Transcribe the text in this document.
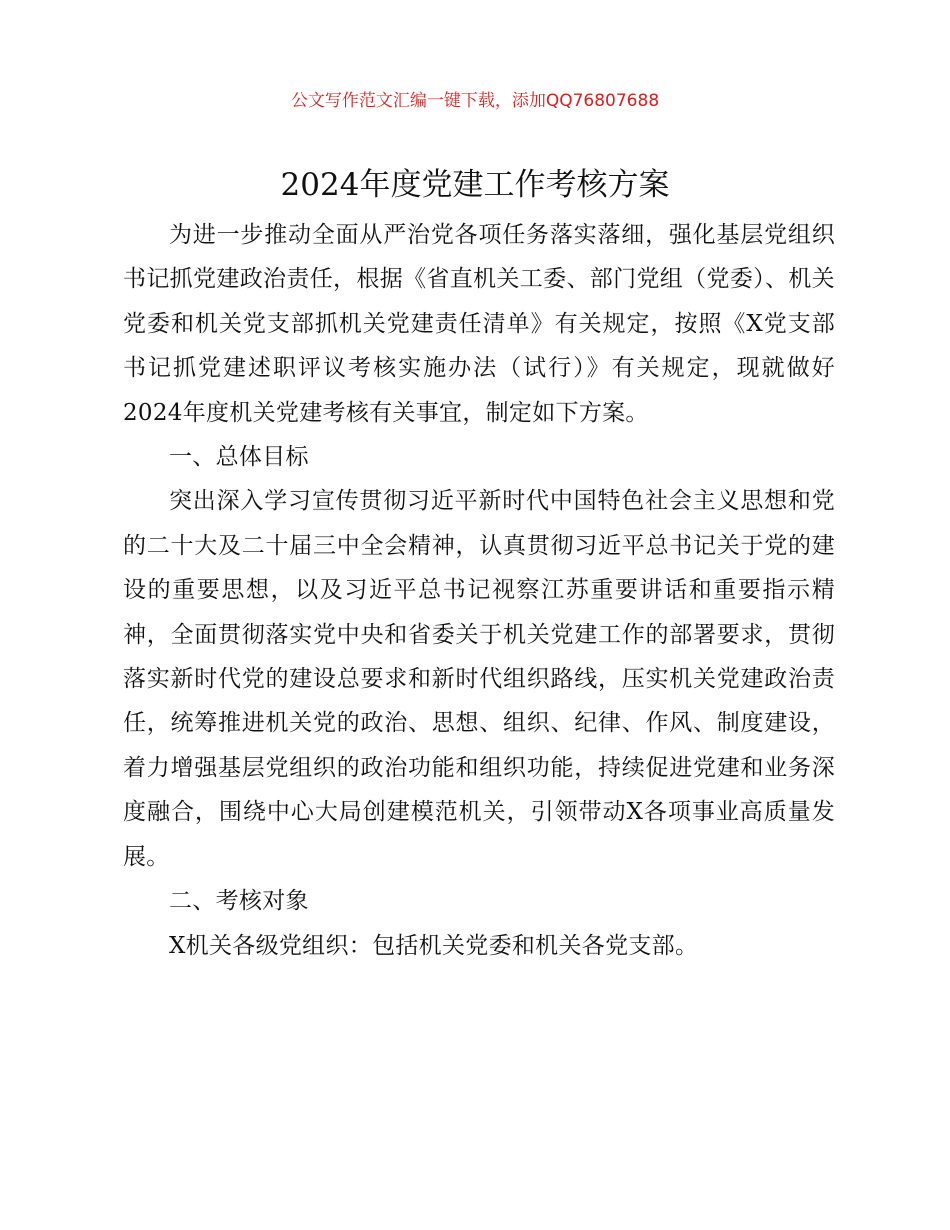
公文写作范文汇编一键下载，添加QQ76807688
2024年度党建工作考核方案

为进一步推动全面从严治党各项任务落实落细，强化基层党组织书记抓党建政治责任，根据《省直机关工委、部门党组（党委）、机关党委和机关党支部抓机关党建责任清单》有关规定，按照《X党支部书记抓党建述职评议考核实施办法（试行）》有关规定，现就做好2024年度机关党建考核有关事宜，制定如下方案。

一、总体目标

突出深入学习宣传贯彻习近平新时代中国特色社会主义思想和党的二十大及二十届三中全会精神，认真贯彻习近平总书记关于党的建设的重要思想，以及习近平总书记视察江苏重要讲话和重要指示精神，全面贯彻落实党中央和省委关于机关党建工作的部署要求，贯彻落实新时代党的建设总要求和新时代组织路线，压实机关党建政治责任，统筹推进机关党的政治、思想、组织、纪律、作风、制度建设，着力增强基层党组织的政治功能和组织功能，持续促进党建和业务深度融合，围绕中心大局创建模范机关，引领带动X各项事业高质量发展。

二、考核对象

X机关各级党组织：包括机关党委和机关各党支部。
